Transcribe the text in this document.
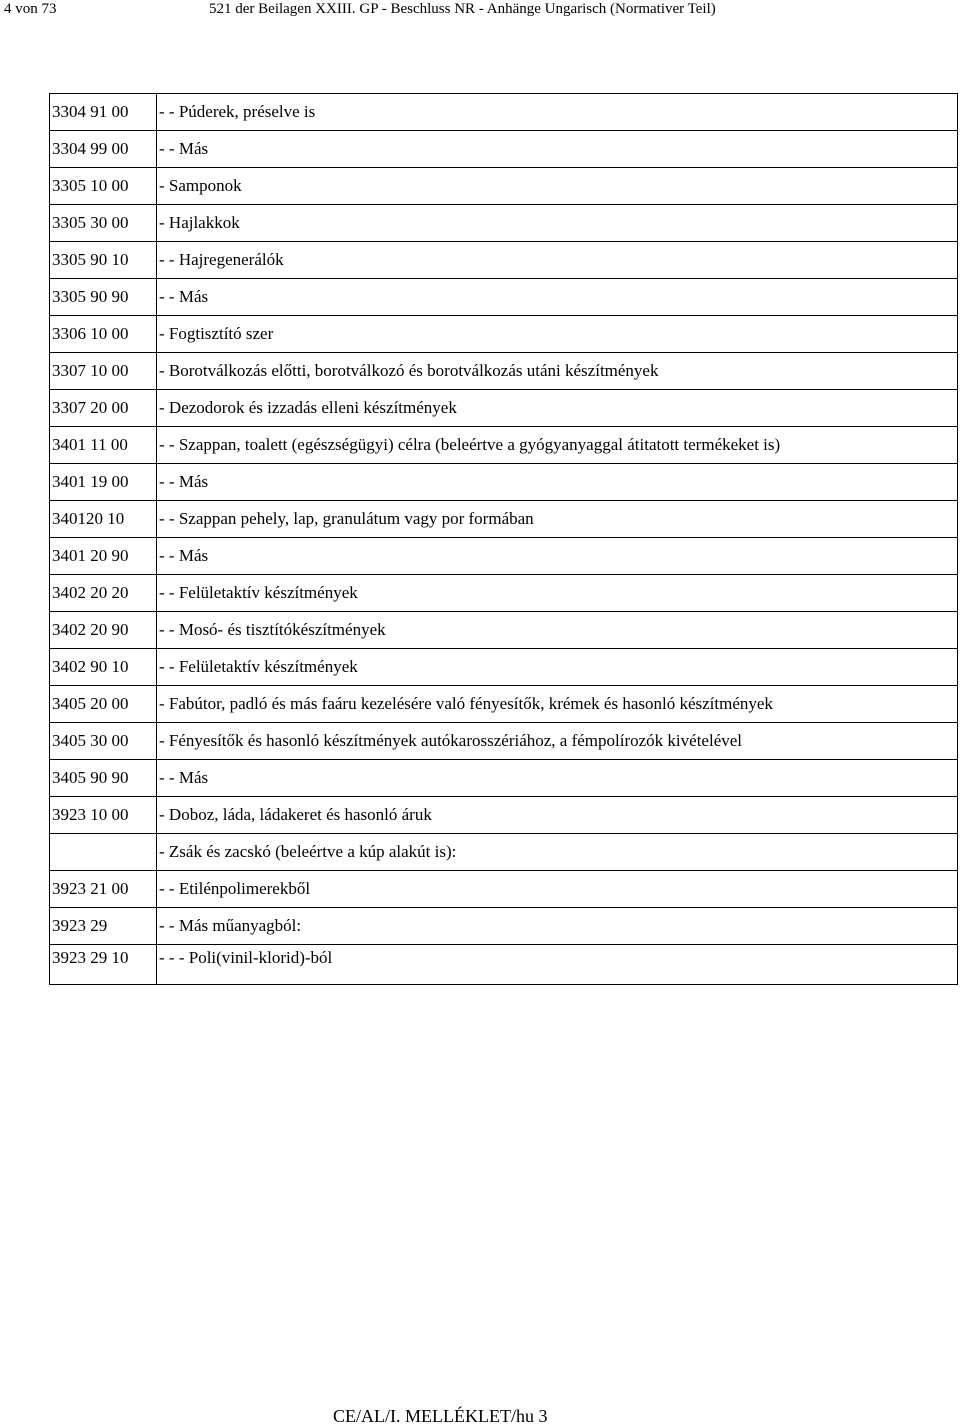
4 von 73	521 der Beilagen XXIII. GP - Beschluss NR - Anhänge Ungarisch (Normativer Teil)
3304 91 00	- - Púderek, préselve is
3304 99 00	- - Más
3305 10 00	- Samponok
3305 30 00	- Hajlakkok
3305 90 10	- - Hajregenerálók
3305 90 90	- - Más
3306 10 00	- Fogtisztító szer
3307 10 00	- Borotválkozás előtti, borotválkozó és borotválkozás utáni készítmények
3307 20 00	- Dezodorok és izzadás elleni készítmények
3401 11 00	- - Szappan, toalett (egészségügyi) célra (beleértve a gyógyanyaggal átitatott termékeket is)
3401 19 00	- - Más
340120 10	- - Szappan pehely, lap, granulátum vagy por formában
3401 20 90	- - Más
3402 20 20	- - Felületaktív készítmények
3402 20 90	- - Mosó- és tisztítókészítmények
3402 90 10	- - Felületaktív készítmények
3405 20 00	- Fabútor, padló és más faáru kezelésére való fényesítők, krémek és hasonló készítmények
3405 30 00	- Fényesítők és hasonló készítmények autókarosszériához, a fémpolírozók kivételével
3405 90 90	- - Más
3923 10 00	- Doboz, láda, ládakeret és hasonló áruk
	- Zsák és zacskó (beleértve a kúp alakút is):
3923 21 00	- - Etilénpolimerekből
3923 29	- - Más műanyagból:
3923 29 10	- - - Poli(vinil-klorid)-ból
CE/AL/I. MELLÉKLET/hu 3
